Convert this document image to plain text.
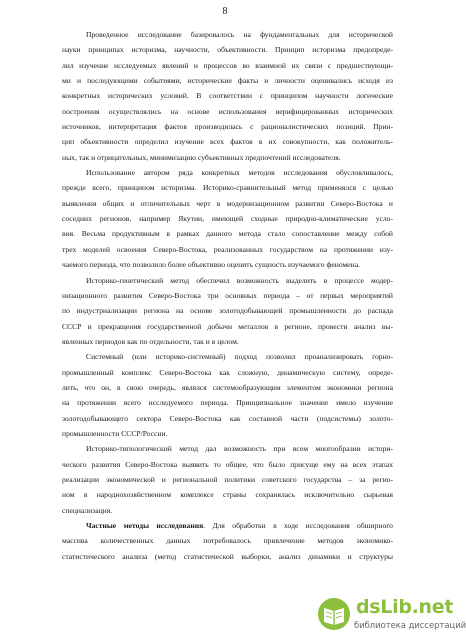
8
Проведенное исследование базировалось на фундаментальных для исторической
науки принципах историзма, научности, объективности. Принцип историзма предопреде-
лил изучение исследуемых явлений и процессов во взаимной их связи с предшествующи-
ми и последующими событиями, исторические факты и личности оценивались исходя из
конкретных исторических условий. В соответствии с принципом научности логические
построения осуществлялись на основе использования верифицированных исторических
источников, интерпретация фактов производилась с рационалистических позиций. Прин-
цип объективности определил изучение всех фактов в их совокупности, как положитель-
ных, так и отрицательных, минимизацию субъективных предпочтений исследователя.
Использование автором ряда конкретных методов исследования обусловливалось,
прежде всего, принципом историзма. Историко-сравнительный метод применялся с целью
выявления общих и отличительных черт в модернизационном развитии Северо-Востока и
соседних регионов, например Якутии, имеющей сходные природно-климатические усло-
вия. Весьма продуктивным в рамках данного метода стало сопоставление между собой
трех моделей освоения Северо-Востока, реализованных государством на протяжении изу-
чаемого периода, что позволило более объективно оценить сущность изучаемого феномена.
Историко-генетический метод обеспечил возможность выделить в процессе модер-
низационного развития Северо-Востока три основных периода – от первых мероприятий
по индустриализации региона на основе золотодобывающей промышленности до распада
СССР и прекращения государственной добычи металлов в регионе, провести анализ вы-
явленных периодов как по отдельности, так и в целом.
Системный (или историко-системный) подход позволил проанализировать горно-
промышленный комплекс Северо-Востока как сложную, динамическую систему, опреде-
лить, что он, в свою очередь, являлся системообразующим элементом экономики региона
на протяжении всего исследуемого периода. Принципиальное значение имело изучение
золотодобывающего сектора Северо-Востока как составной части (подсистемы) золото-
промышленности СССР/России.
Историко-типологический метод дал возможность при всем многообразии истори-
ческого развития Северо-Востока выявить то общее, что было присуще ему на всех этапах
реализации экономической и региональной политики советского государства – за регио-
ном в народнохозяйственном комплексе страны сохранялась исключительно сырьевая
специализация.
Частные методы исследования. Для обработки в ходе исследования обширного
массива количественных данных потребовалось привлечение методов экономико-
статистического анализа (метод статистической выборки, анализ динамики и структуры
dsLib.net
библиотека диссертаций
